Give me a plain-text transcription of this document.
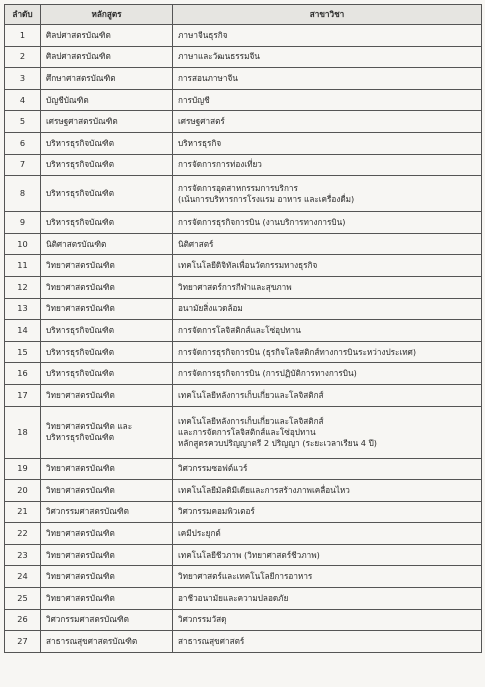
ลำดับ	หลักสูตร	สาขาวิชา
1	ศิลปศาสตรบัณฑิต	ภาษาจีนธุรกิจ

2	ศิลปศาสตรบัณฑิต	ภาษาและวัฒนธรรมจีน

3	ศึกษาศาสตรบัณฑิต	การสอนภาษาจีน

4	บัญชีบัณฑิต	การบัญชี

5	เศรษฐศาสตรบัณฑิต	เศรษฐศาสตร์

6	บริหารธุรกิจบัณฑิต	บริหารธุรกิจ

7	บริหารธุรกิจบัณฑิต	การจัดการการท่องเที่ยว

8	บริหารธุรกิจบัณฑิต	การจัดการอุตสาหกรรมการบริการ
(เน้นการบริหารการโรงแรม อาหาร และเครื่องดื่ม)

9	บริหารธุรกิจบัณฑิต	การจัดการธุรกิจการบิน (งานบริการทางการบิน)

10	นิติศาสตรบัณฑิต	นิติศาสตร์

11	วิทยาศาสตรบัณฑิต	เทคโนโลยีดิจิทัลเพื่อนวัตกรรมทางธุรกิจ

12	วิทยาศาสตรบัณฑิต	วิทยาศาสตร์การกีฬาและสุขภาพ

13	วิทยาศาสตรบัณฑิต	อนามัยสิ่งแวดล้อม

14	บริหารธุรกิจบัณฑิต	การจัดการโลจิสติกส์และโซ่อุปทาน

15	บริหารธุรกิจบัณฑิต	การจัดการธุรกิจการบิน (ธุรกิจโลจิสติกส์ทางการบินระหว่างประเทศ)

16	บริหารธุรกิจบัณฑิต	การจัดการธุรกิจการบิน (การปฏิบัติการทางการบิน)

17	วิทยาศาสตรบัณฑิต	เทคโนโลยีหลังการเก็บเกี่ยวและโลจิสติกส์

18	วิทยาศาสตรบัณฑิต และ
บริหารธุรกิจบัณฑิต	เทคโนโลยีหลังการเก็บเกี่ยวและโลจิสติกส์
และการจัดการโลจิสติกส์และโซ่อุปทาน
หลักสูตรควบปริญญาตรี 2 ปริญญา (ระยะเวลาเรียน 4 ปี)

19	วิทยาศาสตรบัณฑิต	วิศวกรรมซอฟต์แวร์

20	วิทยาศาสตรบัณฑิต	เทคโนโลยีมัลติมีเดียและการสร้างภาพเคลื่อนไหว

21	วิศวกรรมศาสตรบัณฑิต	วิศวกรรมคอมพิวเตอร์

22	วิทยาศาสตรบัณฑิต	เคมีประยุกต์

23	วิทยาศาสตรบัณฑิต	เทคโนโลยีชีวภาพ (วิทยาศาสตร์ชีวภาพ)

24	วิทยาศาสตรบัณฑิต	วิทยาศาสตร์และเทคโนโลยีการอาหาร

25	วิทยาศาสตรบัณฑิต	อาชีวอนามัยและความปลอดภัย

26	วิศวกรรมศาสตรบัณฑิต	วิศวกรรมวัสดุ

27	สาธารณสุขศาสตรบัณฑิต	สาธารณสุขศาสตร์
